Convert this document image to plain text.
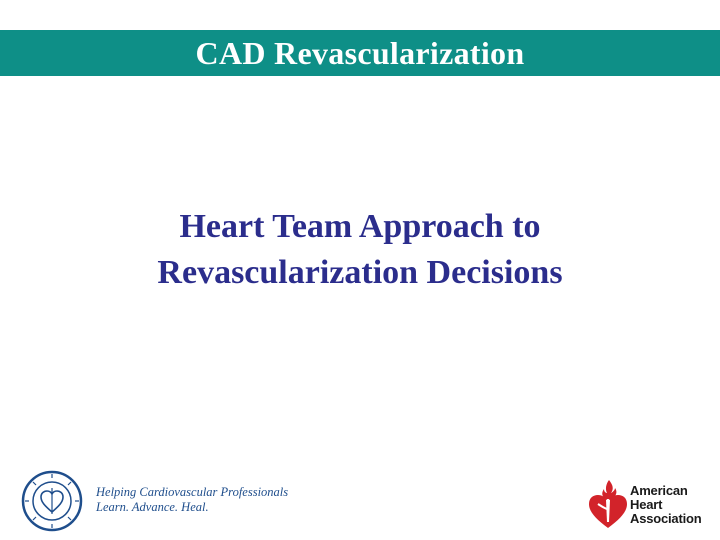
CAD Revascularization
Heart Team Approach to
Revascularization Decisions
Helping Cardiovascular Professionals
Learn. Advance. Heal.
American
Heart
Association
